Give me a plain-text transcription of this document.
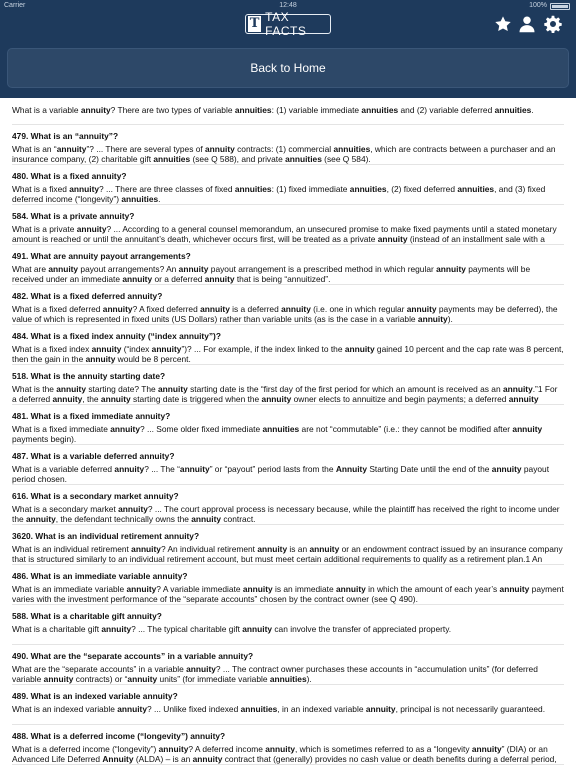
Carrier	12:48	100%
T TAX FACTS
Back to Home
What is a variable annuity? There are two types of variable annuities: (1) variable immediate annuities and (2) variable deferred annuities.
479. What is an “annuity”?
What is an “annuity”? ... There are several types of annuity contracts: (1) commercial annuities, which are contracts between a purchaser and an insurance company, (2) charitable gift annuities (see Q 588), and private annuities (see Q 584).
480. What is a fixed annuity?
What is a fixed annuity? ... There are three classes of fixed annuities: (1) fixed immediate annuities, (2) fixed deferred annuities, and (3) fixed deferred income (“longevity”) annuities.
584. What is a private annuity?
What is a private annuity? ... According to a general counsel memorandum, an unsecured promise to make fixed payments until a stated monetary amount is reached or until the annuitant’s death, whichever occurs first, will be treated as a private annuity (instead of an installment sale with a
491. What are annuity payout arrangements?
What are annuity payout arrangements? An annuity payout arrangement is a prescribed method in which regular annuity payments will be received under an immediate annuity or a deferred annuity that is being “annuitized”.
482. What is a fixed deferred annuity?
What is a fixed deferred annuity? A fixed deferred annuity is a deferred annuity (i.e. one in which regular annuity payments may be deferred), the value of which is represented in fixed units (US Dollars) rather than variable units (as is the case in a variable annuity).
484. What is a fixed index annuity (“index annuity”)?
What is a fixed index annuity (“index annuity”)? ... For example, if the index linked to the annuity gained 10 percent and the cap rate was 8 percent, then the gain in the annuity would be 8 percent.
518. What is the annuity starting date?
What is the annuity starting date? The annuity starting date is the “first day of the first period for which an amount is received as an annuity.”1 For a deferred annuity, the annuity starting date is triggered when the annuity owner elects to annuitize and begin payments; a deferred annuity
481. What is a fixed immediate annuity?
What is a fixed immediate annuity? ... Some older fixed immediate annuities are not “commutable” (i.e.: they cannot be modified after annuity payments begin).
487. What is a variable deferred annuity?
What is a variable deferred annuity? ... The “annuity” or “payout” period lasts from the Annuity Starting Date until the end of the annuity payout period chosen.
616. What is a secondary market annuity?
What is a secondary market annuity? ... The court approval process is necessary because, while the plaintiff has received the right to income under the annuity, the defendant technically owns the annuity contract.
3620. What is an individual retirement annuity?
What is an individual retirement annuity? An individual retirement annuity is an annuity or an endowment contract issued by an insurance company that is structured similarly to an individual retirement account, but must meet certain additional requirements to qualify as a retirement plan.1 An
486. What is an immediate variable annuity?
What is an immediate variable annuity? A variable immediate annuity is an immediate annuity in which the amount of each year’s annuity payment varies with the investment performance of the “separate accounts” chosen by the contract owner (see Q 490).
588. What is a charitable gift annuity?
What is a charitable gift annuity? ... The typical charitable gift annuity can involve the transfer of appreciated property.
490. What are the “separate accounts” in a variable annuity?
What are the “separate accounts” in a variable annuity? ... The contract owner purchases these accounts in “accumulation units” (for deferred variable annuity contracts) or “annuity units” (for immediate variable annuities).
489. What is an indexed variable annuity?
What is an indexed variable annuity? ... Unlike fixed indexed annuities, in an indexed variable annuity, principal is not necessarily guaranteed.
488. What is a deferred income (“longevity”) annuity?
What is a deferred income (“longevity”) annuity? A deferred income annuity, which is sometimes referred to as a “longevity annuity” (DIA) or an Advanced Life Deferred Annuity (ALDA) – is an annuity contract that (generally) provides no cash value or death benefits during a deferral period,
